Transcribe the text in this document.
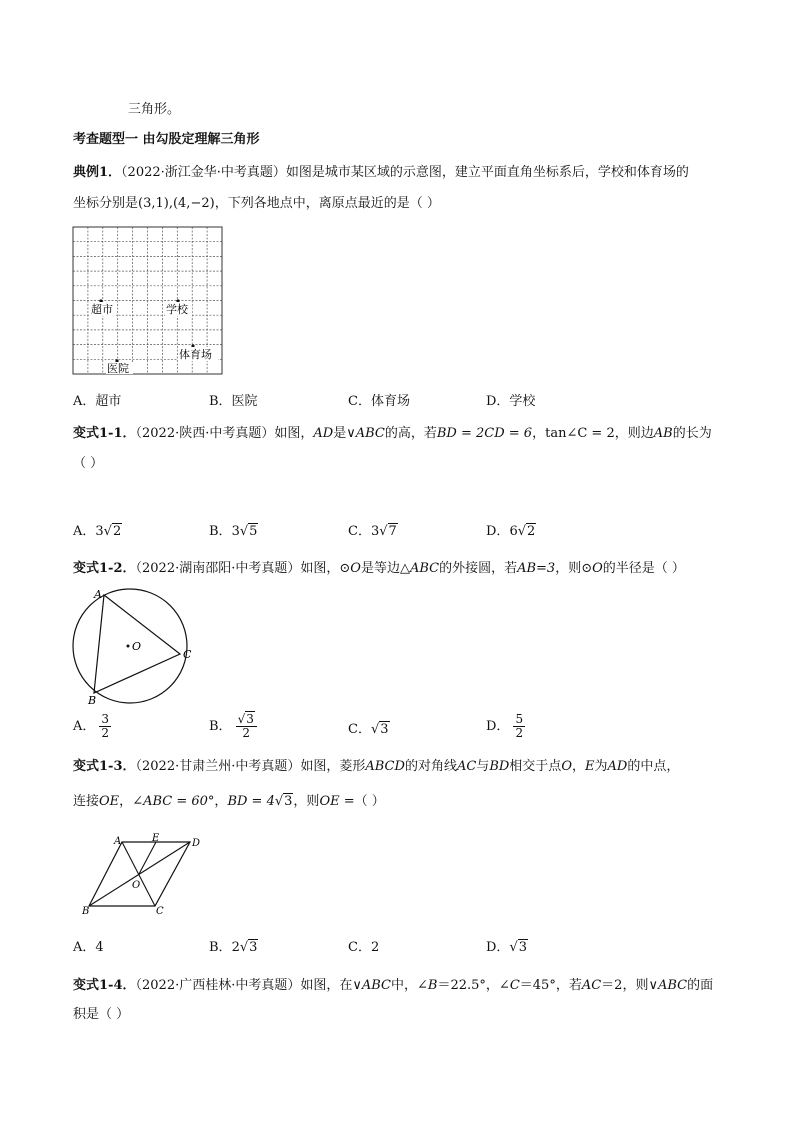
三角形。
考查题型一 由勾股定理解三角形
典例1．（2022·浙江金华·中考真题）如图是城市某区域的示意图，建立平面直角坐标系后，学校和体育场的
坐标分别是(3,1),(4,−2)，下列各地点中，离原点最近的是（ ）
超市	学校
体育场
医院
A．超市	B．医院	C．体育场	D．学校
变式1-1．（2022·陕西·中考真题）如图，AD是∨ABC的高，若BD = 2CD = 6，tan∠C = 2，则边AB的长为
（ ）
A．3√2	B．3√5	C．3√7	D．6√2
变式1-2．（2022·湖南邵阳·中考真题）如图，⊙O是等边△ABC的外接圆，若AB=3，则⊙O的半径是（ ）
A
B
C
O
A． $\frac{3}{2}$	B． $\frac{√3}{2}$	C．√3	D． $\frac{5}{2}$
变式1-3．（2022·甘肃兰州·中考真题）如图，菱形ABCD的对角线AC与BD相交于点O，E为AD的中点，
连接OE，∠ABC = 60°，BD = 4√3，则OE =（ ）
A	E	D
O
B	C
A．4	B．2√3	C．2	D．√3
变式1-4．（2022·广西桂林·中考真题）如图，在∨ABC中，∠B＝22.5°，∠C＝45°，若AC＝2，则∨ABC的面
积是（ ）
